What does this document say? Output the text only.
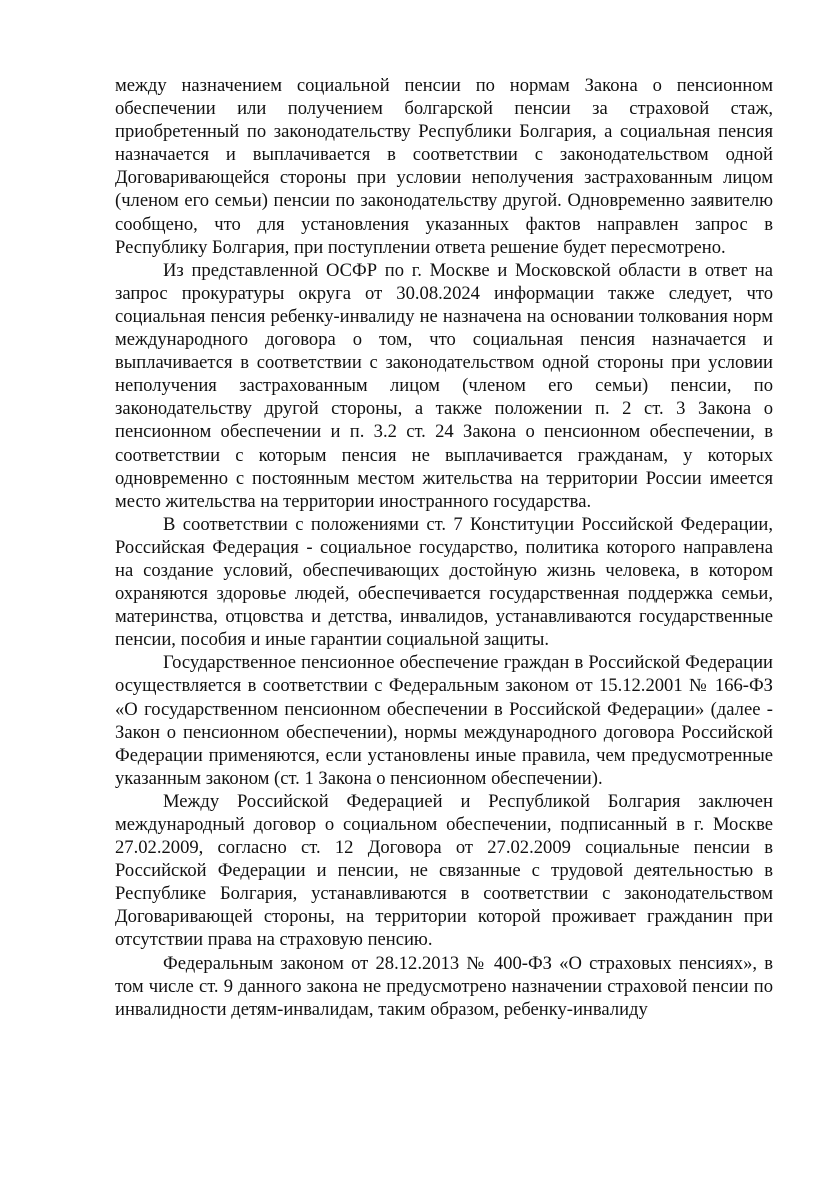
между назначением социальной пенсии по нормам Закона о пенсионном обеспечении или получением болгарской пенсии за страховой стаж, приобретенный по законодательству Республики Болгария, а социальная пенсия назначается и выплачивается в соответствии с законодательством одной Договаривающейся стороны при условии неполучения застрахованным лицом (членом его семьи) пенсии по законодательству другой. Одновременно заявителю сообщено, что для установления указанных фактов направлен запрос в Республику Болгария, при поступлении ответа решение будет пересмотрено.

Из представленной ОСФР по г. Москве и Московской области в ответ на запрос прокуратуры округа от 30.08.2024 информации также следует, что социальная пенсия ребенку-инвалиду не назначена на основании толкования норм международного договора о том, что социальная пенсия назначается и выплачивается в соответствии с законодательством одной стороны при условии неполучения застрахованным лицом (членом его семьи) пенсии, по законодательству другой стороны, а также положении п. 2 ст. 3 Закона о пенсионном обеспечении и п. 3.2 ст. 24 Закона о пенсионном обеспечении, в соответствии с которым пенсия не выплачивается гражданам, у которых одновременно с постоянным местом жительства на территории России имеется место жительства на территории иностранного государства.

В соответствии с положениями ст. 7 Конституции Российской Федерации, Российская Федерация - социальное государство, политика которого направлена на создание условий, обеспечивающих достойную жизнь человека, в котором охраняются здоровье людей, обеспечивается государственная поддержка семьи, материнства, отцовства и детства, инвалидов, устанавливаются государственные пенсии, пособия и иные гарантии социальной защиты.

Государственное пенсионное обеспечение граждан в Российской Федерации осуществляется в соответствии с Федеральным законом от 15.12.2001 № 166-ФЗ «О государственном пенсионном обеспечении в Российской Федерации» (далее - Закон о пенсионном обеспечении), нормы международного договора Российской Федерации применяются, если установлены иные правила, чем предусмотренные указанным законом (ст. 1 Закона о пенсионном обеспечении).

Между Российской Федерацией и Республикой Болгария заключен международный договор о социальном обеспечении, подписанный в г. Москве 27.02.2009, согласно ст. 12 Договора от 27.02.2009 социальные пенсии в Российской Федерации и пенсии, не связанные с трудовой деятельностью в Республике Болгария, устанавливаются в соответствии с законодательством Договаривающей стороны, на территории которой проживает гражданин при отсутствии права на страховую пенсию.

Федеральным законом от 28.12.2013 № 400-ФЗ «О страховых пенсиях», в том числе ст. 9 данного закона не предусмотрено назначении страховой пенсии по инвалидности детям-инвалидам, таким образом, ребенку-инвалиду
